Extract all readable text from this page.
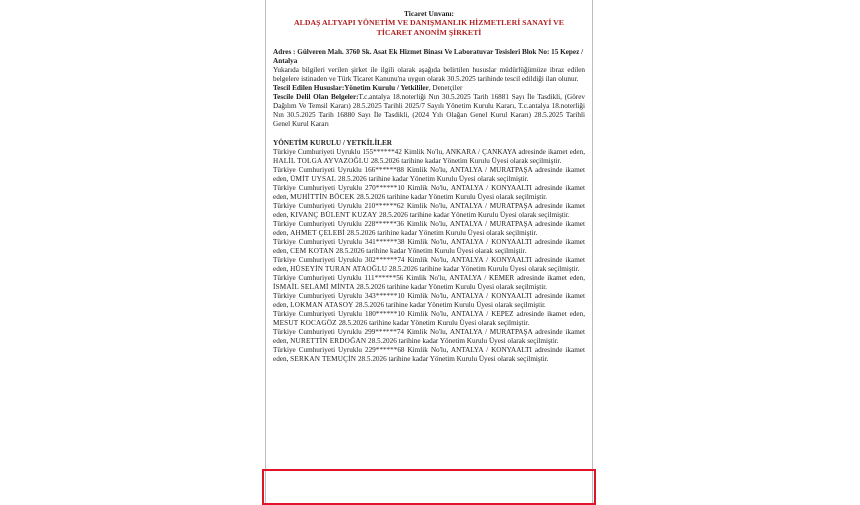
Ticaret Unvanı:
ALDAŞ ALTYAPI YÖNETİM VE DANIŞMANLIK HİZMETLERİ SANAYİ VE TİCARET ANONİM ŞİRKETİ
Adres : Gülveren Mah. 3760 Sk. Asat Ek Hizmet Binası Ve Laboratuvar Tesisleri Blok No: 15 Kepez / Antalya
Yukarıda bilgileri verilen şirket ile ilgili olarak aşağıda belirtilen hususlar müdürlüğümüze ibraz edilen belgelere istinaden ve Türk Ticaret Kanunu'na uygun olarak 30.5.2025 tarihinde tescil edildiği ilan olunur.
Tescil Edilen Hususlar:Yönetim Kurulu / Yetkililer, Denetçiler
Tescile Delil Olan Belgeler:T.c.antalya 18.noterliği Nın 30.5.2025 Tarih 16881 Sayı İle Tasdikli, (Görev Dağılım Ve Temsil Kararı) 28.5.2025 Tarihli 2025/7 Sayılı Yönetim Kurulu Kararı, T.c.antalya 18.noterliği Nın 30.5.2025 Tarih 16880 Sayı İle Tasdikli, (2024 Yılı Olağan Genel Kurul Kararı) 28.5.2025 Tarihli Genel Kurul Kararı
YÖNETİM KURULU / YETKİLİLER
Türkiye Cumhuriyeti Uyruklu 155******42 Kimlik No'lu, ANKARA / ÇANKAYA adresinde ikamet eden, HALİL TOLGA AYVAZOĞLU 28.5.2026 tarihine kadar Yönetim Kurulu Üyesi olarak seçilmiştir.
Türkiye Cumhuriyeti Uyruklu 166******88 Kimlik No'lu, ANTALYA / MURATPAŞA adresinde ikamet eden, ÜMİT UYSAL 28.5.2026 tarihine kadar Yönetim Kurulu Üyesi olarak seçilmiştir.
Türkiye Cumhuriyeti Uyruklu 270******10 Kimlik No'lu, ANTALYA / KONYAALTI adresinde ikamet eden, MUHİTTİN BÖCEK 28.5.2026 tarihine kadar Yönetim Kurulu Üyesi olarak seçilmiştir.
Türkiye Cumhuriyeti Uyruklu 210******62 Kimlik No'lu, ANTALYA / MURATPAŞA adresinde ikamet eden, KIVANÇ BÜLENT KUZAY 28.5.2026 tarihine kadar Yönetim Kurulu Üyesi olarak seçilmiştir.
Türkiye Cumhuriyeti Uyruklu 228******36 Kimlik No'lu, ANTALYA / MURATPAŞA adresinde ikamet eden, AHMET ÇELEBİ 28.5.2026 tarihine kadar Yönetim Kurulu Üyesi olarak seçilmiştir.
Türkiye Cumhuriyeti Uyruklu 341******38 Kimlik No'lu, ANTALYA / KONYAALTI adresinde ikamet eden, CEM KOTAN 28.5.2026 tarihine kadar Yönetim Kurulu Üyesi olarak seçilmiştir.
Türkiye Cumhuriyeti Uyruklu 302******74 Kimlik No'lu, ANTALYA / KONYAALTI adresinde ikamet eden, HÜSEYİN TURAN ATAOĞLU 28.5.2026 tarihine kadar Yönetim Kurulu Üyesi olarak seçilmiştir.
Türkiye Cumhuriyeti Uyruklu 111******56 Kimlik No'lu, ANTALYA / KEMER adresinde ikamet eden, İSMAİL SELAMİ MİNTA 28.5.2026 tarihine kadar Yönetim Kurulu Üyesi olarak seçilmiştir.
Türkiye Cumhuriyeti Uyruklu 343******10 Kimlik No'lu, ANTALYA / KONYAALTI adresinde ikamet eden, LOKMAN ATASOY 28.5.2026 tarihine kadar Yönetim Kurulu Üyesi olarak seçilmiştir.
Türkiye Cumhuriyeti Uyruklu 180******10 Kimlik No'lu, ANTALYA / KEPEZ adresinde ikamet eden, MESUT KOCAGÖZ 28.5.2026 tarihine kadar Yönetim Kurulu Üyesi olarak seçilmiştir.
Türkiye Cumhuriyeti Uyruklu 299******74 Kimlik No'lu, ANTALYA / MURATPAŞA adresinde ikamet eden, NURETTİN ERDOĞAN 28.5.2026 tarihine kadar Yönetim Kurulu Üyesi olarak seçilmiştir.
Türkiye Cumhuriyeti Uyruklu 229******68 Kimlik No'lu, ANTALYA / KONYAALTI adresinde ikamet eden, SERKAN TEMUÇİN 28.5.2026 tarihine kadar Yönetim Kurulu Üyesi olarak seçilmiştir.
